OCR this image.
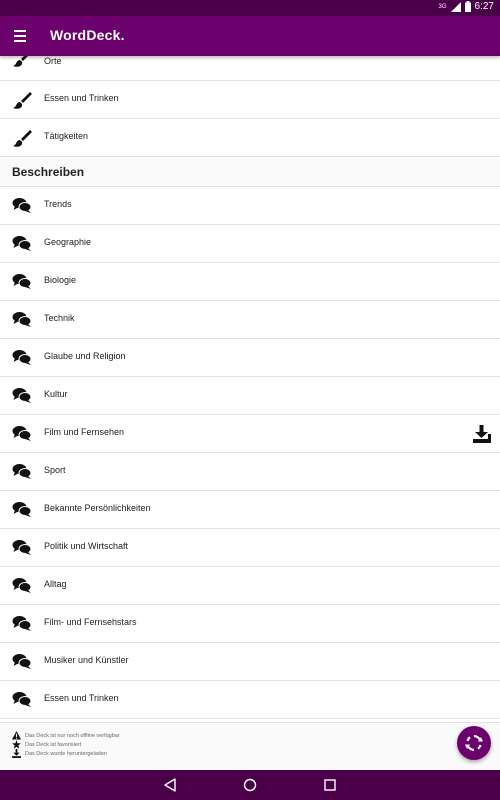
3G	6:27
WordDeck.
Orte
Essen und Trinken
Tätigkeiten
Beschreiben
Trends
Geographie
Biologie
Technik
Glaube und Religion
Kultur
Film und Fernsehen
Sport
Bekannte Persönlichkeiten
Politik und Wirtschaft
Alltag
Film- und Fernsehstars
Musiker und Künstler
Essen und Trinken
Das Deck ist nur noch offline verfügbar
Das Deck ist favorisiert
Das Deck wurde heruntergeladen
